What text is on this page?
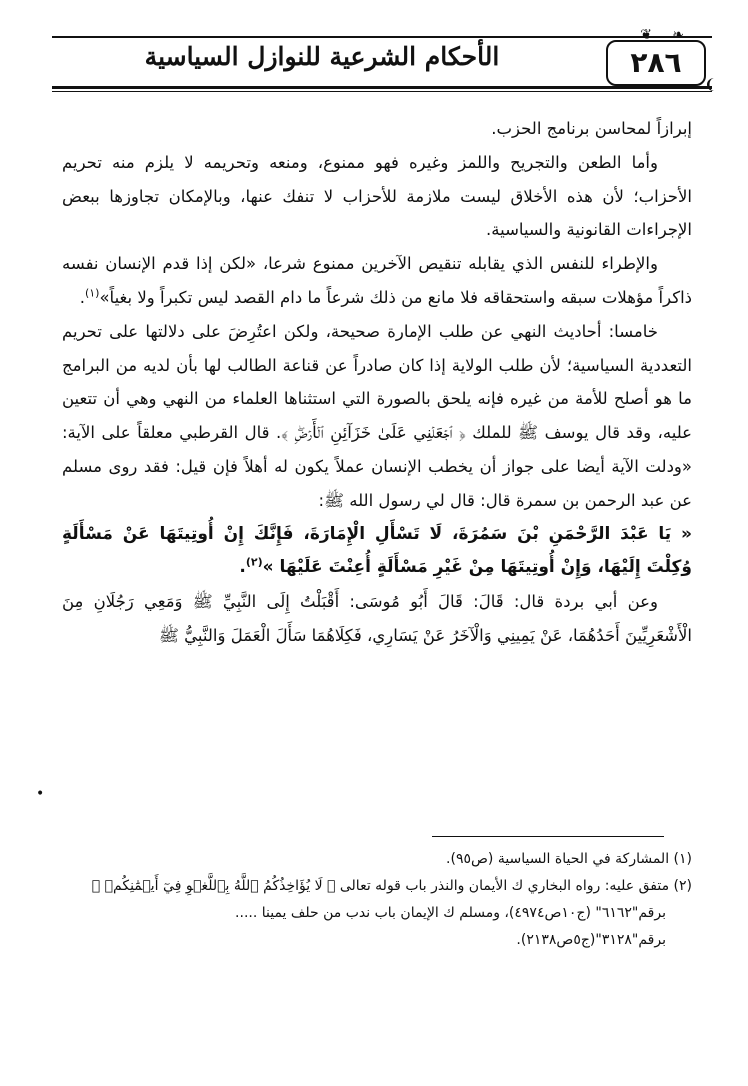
الأحكام الشرعية للنوازل السياسية	٢٨٦
❦ ❧
❨

إبرازاً لمحاسن برنامج الحزب.

وأما الطعن والتجريح واللمز وغيره فهو ممنوع، ومنعه وتحريمه لا يلزم منه تحريم الأحزاب؛ لأن هذه الأخلاق ليست ملازمة للأحزاب لا تنفك عنها، وبالإمكان تجاوزها ببعض الإجراءات القانونية والسياسية.

والإطراء للنفس الذي يقابله تنقيص الآخرين ممنوع شرعا، «لكن إذا قدم الإنسان نفسه ذاكراً مؤهلات سبقه واستحقاقه فلا مانع من ذلك شرعاً ما دام القصد ليس تكبراً ولا بغياً»$^{(١)}$.

خامسا: أحاديث النهي عن طلب الإمارة صحيحة، ولكن اعتُرِضَ على دلالتها على تحريم التعددية السياسية؛ لأن طلب الولاية إذا كان صادراً عن قناعة الطالب لها بأن لديه من البرامج ما هو أصلح للأمة من غيره فإنه يلحق بالصورة التي استثناها العلماء من النهي وهي أن تتعين عليه، وقد قال يوسف ﷺ للملك ﴿ ٱجۡعَلۡنِي عَلَىٰ خَزَآئِنِ ٱلۡأَرۡضِۖ ﴾. قال القرطبي معلقاً على الآية: «ودلت الآية أيضا على جواز أن يخطب الإنسان عملاً يكون له أهلاً فإن قيل: فقد روى مسلم عن عبد الرحمن بن سمرة قال: قال لي رسول الله ﷺ:

« يَا عَبْدَ الرَّحْمَنِ بْنَ سَمُرَةَ، لَا تَسْأَلِ الْإِمَارَةَ، فَإِنَّكَ إِنْ أُوتِيتَهَا عَنْ مَسْأَلَةٍ وُكِلْتَ إِلَيْهَا، وَإِنْ أُوتِيتَهَا مِنْ غَيْرِ مَسْأَلَةٍ أُعِنْتَ عَلَيْهَا »$^{(٢)}$.

وعن أبي بردة قال: قَالَ: قَالَ أَبُو مُوسَى: أَقْبَلْتُ إِلَى النَّبِيِّ ﷺ وَمَعِي رَجُلَانِ مِنَ الْأَشْعَرِيِّينَ أَحَدُهُمَا، عَنْ يَمِينِي وَالْآخَرُ عَنْ يَسَارِي، فَكِلَاهُمَا سَأَلَ الْعَمَلَ وَالنَّبِيُّ ﷺ

(١) المشاركة في الحياة السياسية (ص٩٥).

(٢) متفق عليه: رواه البخاري ك الأيمان والنذر باب قوله تعالى ﴿ لَا يُؤَاخِذُكُمُ ٱللَّهُ بِٱللَّغۡوِ فِيٓ أَيۡمَٰنِكُمۡ ﴾

برقم"٦١٦٢" (ج١٠ص٤٩٧٤)، ومسلم ك الإيمان باب ندب من حلف يمينا .....

برقم"٣١٢٨"(ج٥ص٢١٣٨).

•
